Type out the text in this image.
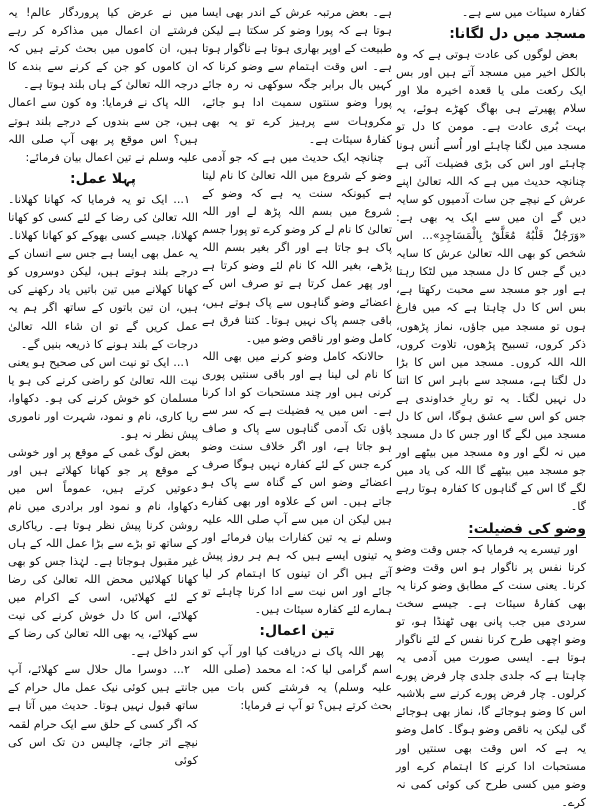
کفارہ سیئات میں سے ہے۔

مسجد میں دل لگانا:

بعض لوگوں کی عادت ہوتی ہے کہ وہ بالکل اخیر میں مسجد آتے ہیں اور بس ایک رکعت ملی یا قعدہ اخیرہ ملا اور سلام پھیرتے ہی بھاگ کھڑے ہوئے، یہ بہت بُری عادت ہے۔ مومن کا دل تو مسجد میں لگنا چاہئے اور اُسے اُنس ہونا چاہئے اور اس کی بڑی فضیلت آئی ہے چنانچہ حدیث میں ہے کہ اللہ تعالیٰ اپنے عرش کے نیچے جن سات آدمیوں کو سایہ دیں گے ان میں سے ایک یہ بھی ہے: «وَرَجُلٌ قَلْبُهُ مُعَلَّقٌ بِالْمَسَاجِدِ»... اس شخص کو بھی اللہ تعالیٰ عرش کا سایہ دیں گے جس کا دل مسجد میں لٹکا رہتا ہے اور جو مسجد سے محبت رکھتا ہے، بس اس کا دل چاہتا ہے کہ میں فارغ ہوں تو مسجد میں جاؤں، نماز پڑھوں، ذکر کروں، تسبیح پڑھوں، تلاوت کروں، اللہ اللہ کروں۔ مسجد میں اس کا بڑا دل لگتا ہے، مسجد سے باہر اس کا اتنا دل نہیں لگتا۔ یہ تو ربارِ خداوندی ہے جس کو اس سے عشق ہوگا، اس کا دل مسجد میں لگے گا اور جس کا دل مسجد میں نہ لگے اور وہ مسجد میں بیٹھے اور جو مسجد میں بیٹھے گا اللہ کی یاد میں لگے گا اس کے گناہوں کا کفارہ ہوتا رہے گا۔

وضو کی فضیلت:

اور تیسرے یہ فرمایا کہ جس وقت وضو کرنا نفس پر ناگوار ہو اس وقت وضو کرنا۔ یعنی سنت کے مطابق وضو کرنا یہ بھی کفارۂ سیئات ہے۔ جیسے سخت سردی میں جب پانی بھی ٹھنڈا ہو، تو وضو اچھی طرح کرنا نفس کے لئے ناگوار ہوتا ہے۔ ایسی صورت میں آدمی یہ چاہتا ہے کہ جلدی جلدی چار فرض پورے کرلوں۔ چار فرض پورے کرنے سے بلاشبہ اس کا وضو ہوجائے گا، نماز بھی ہوجائے گی لیکن یہ ناقص وضو ہوگا۔ کامل وضو یہ ہے کہ اس وقت بھی سنتیں اور مستحبات ادا کرنے کا اہتمام کرے اور وضو میں کسی طرح کی کوئی کمی نہ کرے۔

ہے۔ بعض مرتبہ عرش کے اندر بھی ایسا ہوتا ہے کہ پورا وضو کر سکتا ہے لیکن طبیعت کے اوپر بھاری ہوتا ہے ناگوار ہوتا ہے۔ اس وقت اہتمام سے وضو کرنا کہ کہیں بال برابر جگہ سوکھی نہ رہ جائے پورا وضو سنتوں سمیت ادا ہو جائے، مکروہات سے پرہیز کرے تو یہ بھی کفارۂ سیئات ہے۔

چنانچہ ایک حدیث میں ہے کہ جو آدمی وضو کے شروع میں اللہ تعالیٰ کا نام لیتا ہے کیونکہ سنت یہ ہے کہ وضو کے شروع میں بسم اللہ پڑھ لے اور اللہ تعالیٰ کا نام لے کر وضو کرے تو پورا جسم پاک ہو جاتا ہے اور اگر بغیر بسم اللہ پڑھے، بغیر اللہ کا نام لئے وضو کرتا ہے اور پھر عمل کرتا ہے تو صرف اس کے اعضائے وضو گناہوں سے پاک ہوتے ہیں، باقی جسم پاک نہیں ہوتا۔ کتنا فرق ہے کامل وضو اور ناقص وضو میں۔

حالانکہ کامل وضو کرنے میں بھی اللہ کا نام لی لینا ہے اور باقی سنتیں پوری کرنی ہیں اور چند مستحبات کو ادا کرنا ہے۔ اس میں یہ فضیلت ہے کہ سر سے پاؤں تک آدمی گناہوں سے پاک و صاف ہو جاتا ہے، اور اگر خلاف سنت وضو کرے جس کے لئے کفارہ نہیں ہوگا صرف اعضائے وضو اس کے گناہ سے پاک ہو جاتے ہیں۔ اس کے علاوہ اور بھی کفارے ہیں لیکن ان میں سے آپ صلی اللہ علیہ وسلم نے یہ تین کفارات بیان فرمائے اور یہ تینوں ایسے ہیں کہ ہم ہر روز پیش آتے ہیں اگر ان تینوں کا اہتمام کر لیا جائے اور اس نیت سے ادا کرنا چاہئے تو ہمارے لئے کفارہ سیئات ہیں۔

تین اعمال:

پھر اللہ پاک نے دریافت کیا اور آپ کو اسم گرامی لیا کہ: اے محمد (صلی اللہ علیہ وسلم) یہ فرشتے کس بات میں بحث کرتے ہیں؟ تو آپ نے فرمایا:

میں نے عرض کیا پروردگار عالم! یہ فرشتے ان اعمال میں مذاکرہ کر رہے ہیں، ان کاموں میں بحث کرتے ہیں کہ ان کاموں کو جن کے کرنے سے بندے کا درجہ اللہ تعالیٰ کے ہاں بلند ہوتا ہے۔

اللہ پاک نے فرمایا: وہ کون سے اعمال ہیں، جن سے بندوں کے درجے بلند ہوتے ہیں؟ اس موقع پر بھی آپ صلی اللہ علیہ وسلم نے تین اعمال بیان فرمائے:

پہلا عمل:

۱... ایک تو یہ فرمایا کہ کھانا کھلانا۔ اللہ تعالیٰ کی رضا کے لئے کسی کو کھانا کھلانا، جیسے کسی بھوکے کو کھانا کھلانا۔ یہ عمل بھی ایسا ہے جس سے انسان کے درجے بلند ہوتے ہیں، لیکن دوسروں کو کھانا کھلانے میں تین باتیں یاد رکھنے کی ہیں، ان تین باتوں کے ساتھ اگر ہم یہ عمل کریں گے تو ان شاء اللہ تعالیٰ درجات کے بلند ہونے کا ذریعہ بنیں گے۔

۱... ایک تو نیت اس کی صحیح ہو یعنی نیت اللہ تعالیٰ کو راضی کرنے کی ہو یا مسلمان کو خوش کرنے کی ہو۔ دکھاوا، ریا کاری، نام و نمود، شہرت اور ناموری پیش نظر نہ ہو۔

بعض لوگ غمی کے موقع پر اور خوشی کے موقع پر جو کھانا کھلاتے ہیں اور دعوتیں کرتے ہیں، عموماً اس میں دکھاوا، نام و نمود اور برادری میں نام روشن کرنا پیش نظر ہوتا ہے۔ ریاکاری کے ساتھ تو بڑے سے بڑا عمل اللہ کے ہاں غیر مقبول ہوجاتا ہے۔ لہٰذا جس کو بھی کھانا کھلائیں محض اللہ تعالیٰ کی رضا کے لئے کھلائیں، اسی کے اکرام میں کھلائے، اس کا دل خوش کرنے کی نیت سے کھلائے، یہ بھی اللہ تعالیٰ کی رضا کے اندر داخل ہے۔

۲... دوسرا مال حلال سے کھلائے، آپ جانتے ہیں کوئی نیک عمل مال حرام کے ساتھ قبول نہیں ہوتا۔ حدیث میں آتا ہے کہ اگر کسی کے حلق سے ایک حرام لقمہ نیچے اتر جائے، چالیس دن تک اس کی کوئی
